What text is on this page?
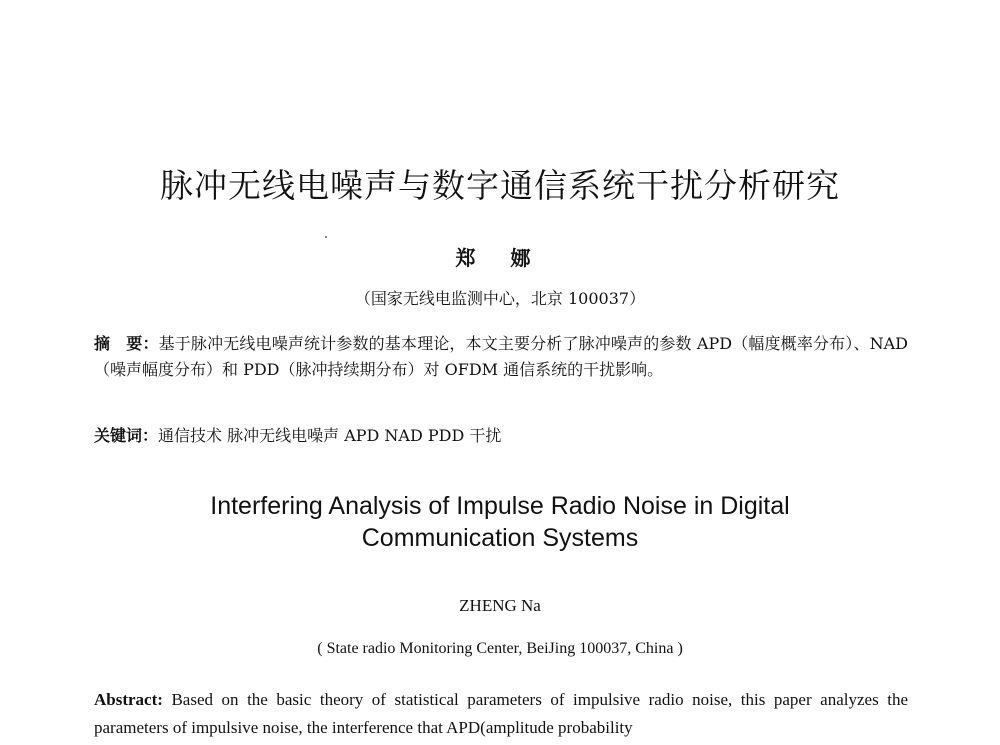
脉冲无线电噪声与数字通信系统干扰分析研究
郑 娜
（国家无线电监测中心，北京 100037）
摘　要：基于脉冲无线电噪声统计参数的基本理论，本文主要分析了脉冲噪声的参数 APD（幅度概率分布）、NAD（噪声幅度分布）和 PDD（脉冲持续期分布）对 OFDM 通信系统的干扰影响。
关键词：通信技术 脉冲无线电噪声 APD NAD PDD 干扰
Interfering Analysis of Impulse Radio Noise in Digital
Communication Systems
ZHENG Na
( State radio Monitoring Center, BeiJing 100037, China )
Abstract: Based on the basic theory of statistical parameters of impulsive radio noise, this paper analyzes the parameters of impulsive noise, the interference that APD(amplitude probability
